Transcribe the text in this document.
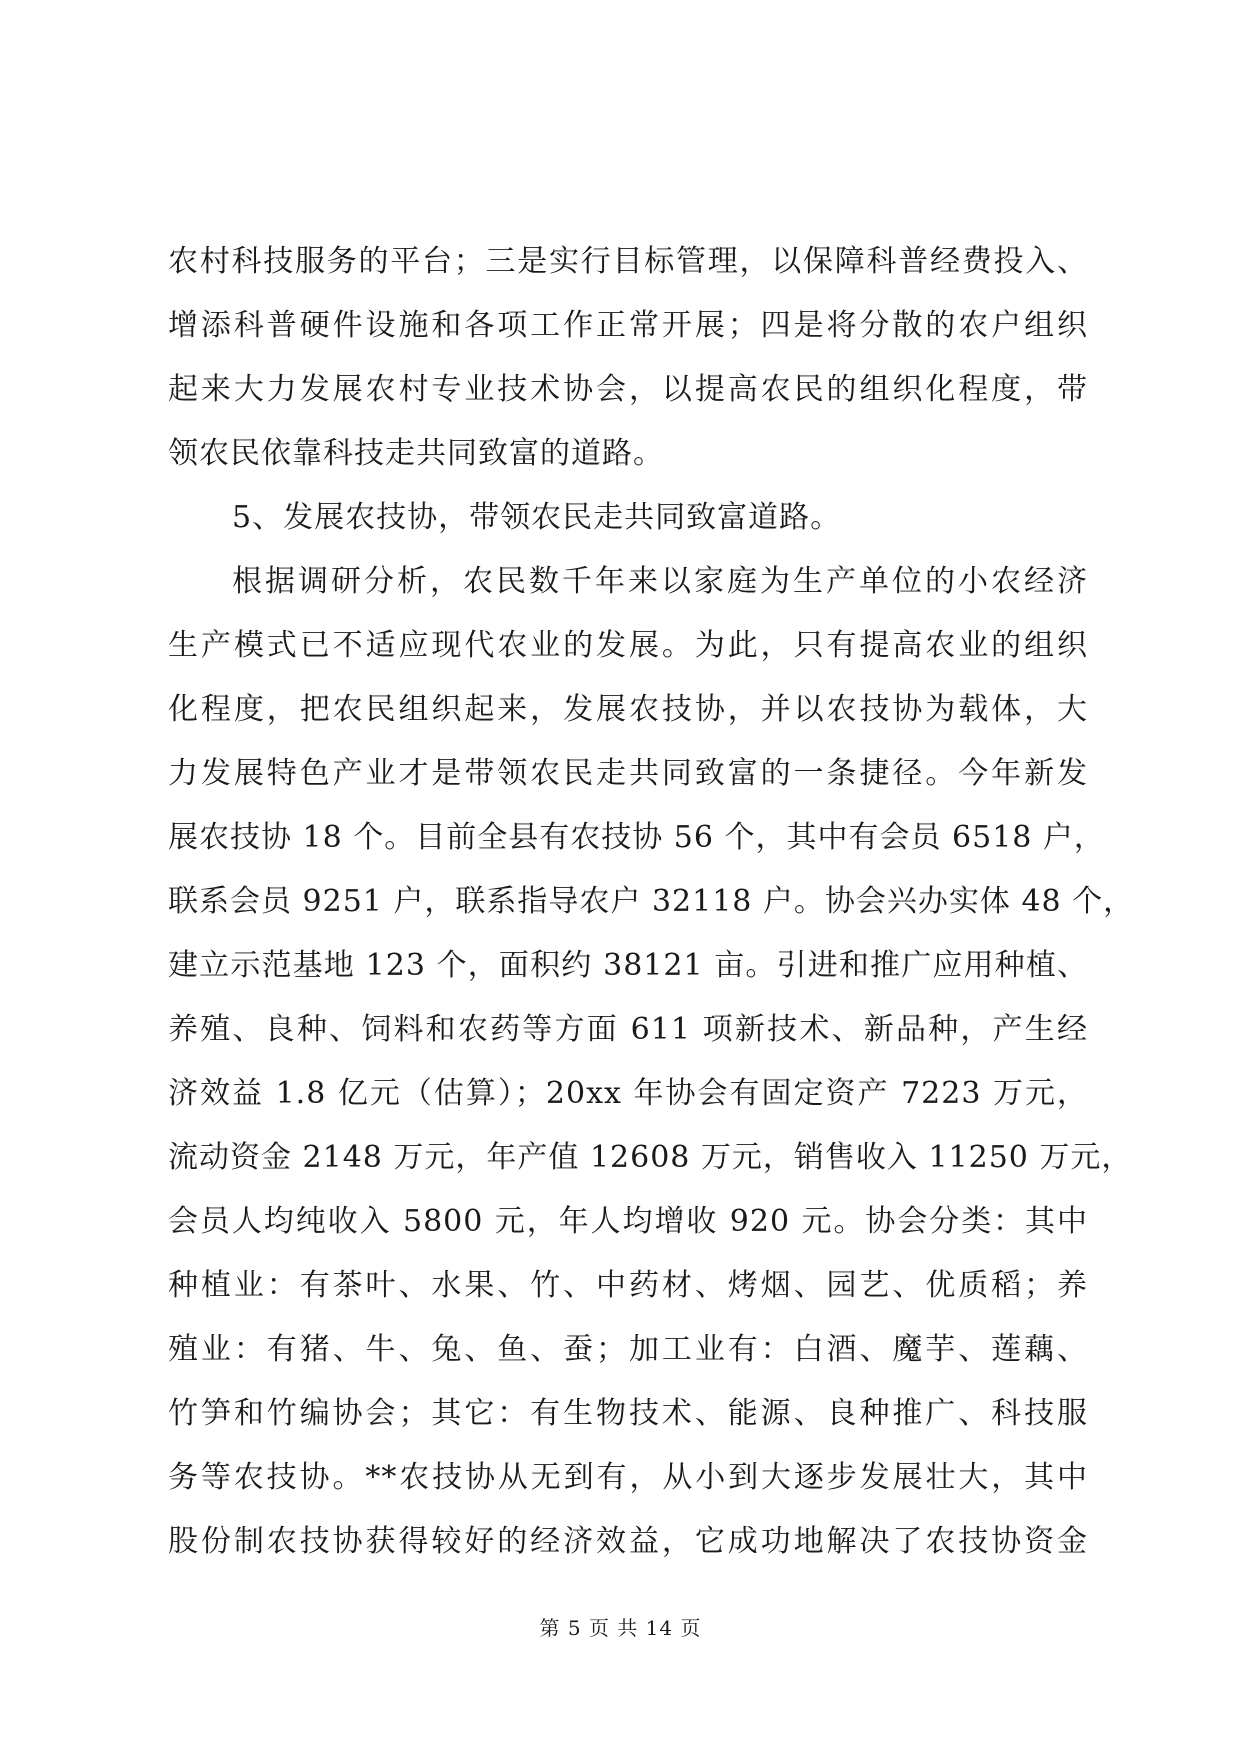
农村科技服务的平台；三是实行目标管理，以保障科普经费投入、
增添科普硬件设施和各项工作正常开展；四是将分散的农户组织
起来大力发展农村专业技术协会，以提高农民的组织化程度，带
领农民依靠科技走共同致富的道路。
5、发展农技协，带领农民走共同致富道路。
根据调研分析，农民数千年来以家庭为生产单位的小农经济
生产模式已不适应现代农业的发展。为此，只有提高农业的组织
化程度，把农民组织起来，发展农技协，并以农技协为载体，大
力发展特色产业才是带领农民走共同致富的一条捷径。今年新发
展农技协 18 个。目前全县有农技协 56 个，其中有会员 6518 户，
联系会员 9251 户，联系指导农户 32118 户。协会兴办实体 48 个，
建立示范基地 123 个，面积约 38121 亩。引进和推广应用种植、
养殖、良种、饲料和农药等方面 611 项新技术、新品种，产生经
济效益 1.8 亿元（估算）；20xx 年协会有固定资产 7223 万元，
流动资金 2148 万元，年产值 12608 万元，销售收入 11250 万元，
会员人均纯收入 5800 元，年人均增收 920 元。协会分类：其中
种植业：有茶叶、水果、竹、中药材、烤烟、园艺、优质稻；养
殖业：有猪、牛、兔、鱼、蚕；加工业有：白酒、魔芋、莲藕、
竹笋和竹编协会；其它：有生物技术、能源、良种推广、科技服
务等农技协。**农技协从无到有，从小到大逐步发展壮大，其中
股份制农技协获得较好的经济效益，它成功地解决了农技协资金
第 5 页 共 14 页
